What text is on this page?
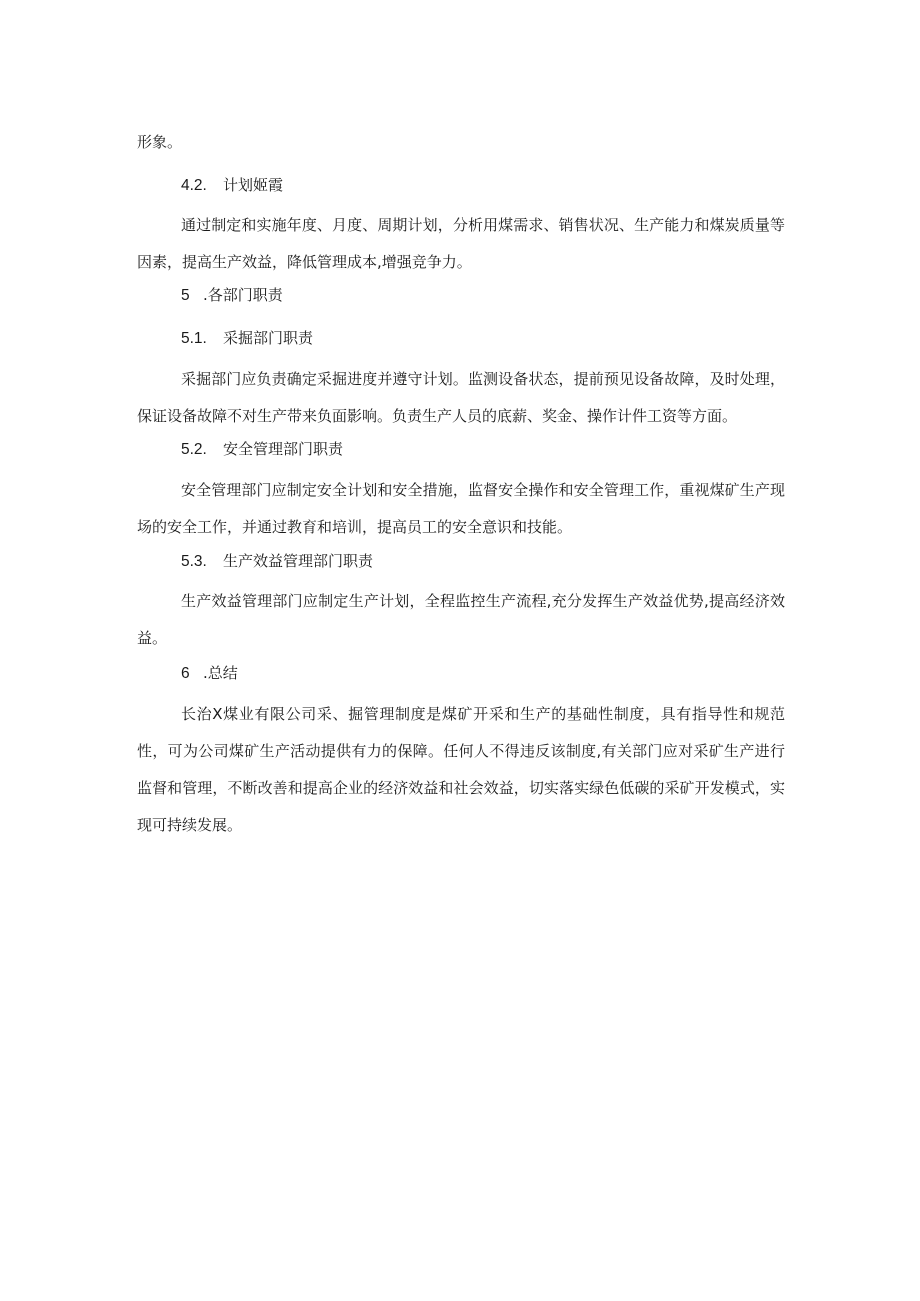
形象。
4.2. 计划姬霞
通过制定和实施年度、月度、周期计划，分析用煤需求、销售状况、生产能力和煤炭质量等因素，提高生产效益，降低管理成本,增强竞争力。
5 .各部门职责
5.1. 采掘部门职责
采掘部门应负责确定采掘进度并遵守计划。监测设备状态，提前预见设备故障，及时处理，保证设备故障不对生产带来负面影响。负责生产人员的底薪、奖金、操作计件工资等方面。
5.2. 安全管理部门职责
安全管理部门应制定安全计划和安全措施，监督安全操作和安全管理工作，重视煤矿生产现场的安全工作，并通过教育和培训，提高员工的安全意识和技能。
5.3. 生产效益管理部门职责
生产效益管理部门应制定生产计划，全程监控生产流程,充分发挥生产效益优势,提高经济效益。
6 .总结
长治X煤业有限公司采、掘管理制度是煤矿开采和生产的基础性制度，具有指导性和规范性，可为公司煤矿生产活动提供有力的保障。任何人不得违反该制度,有关部门应对采矿生产进行监督和管理，不断改善和提高企业的经济效益和社会效益，切实落实绿色低碳的采矿开发模式，实现可持续发展。
